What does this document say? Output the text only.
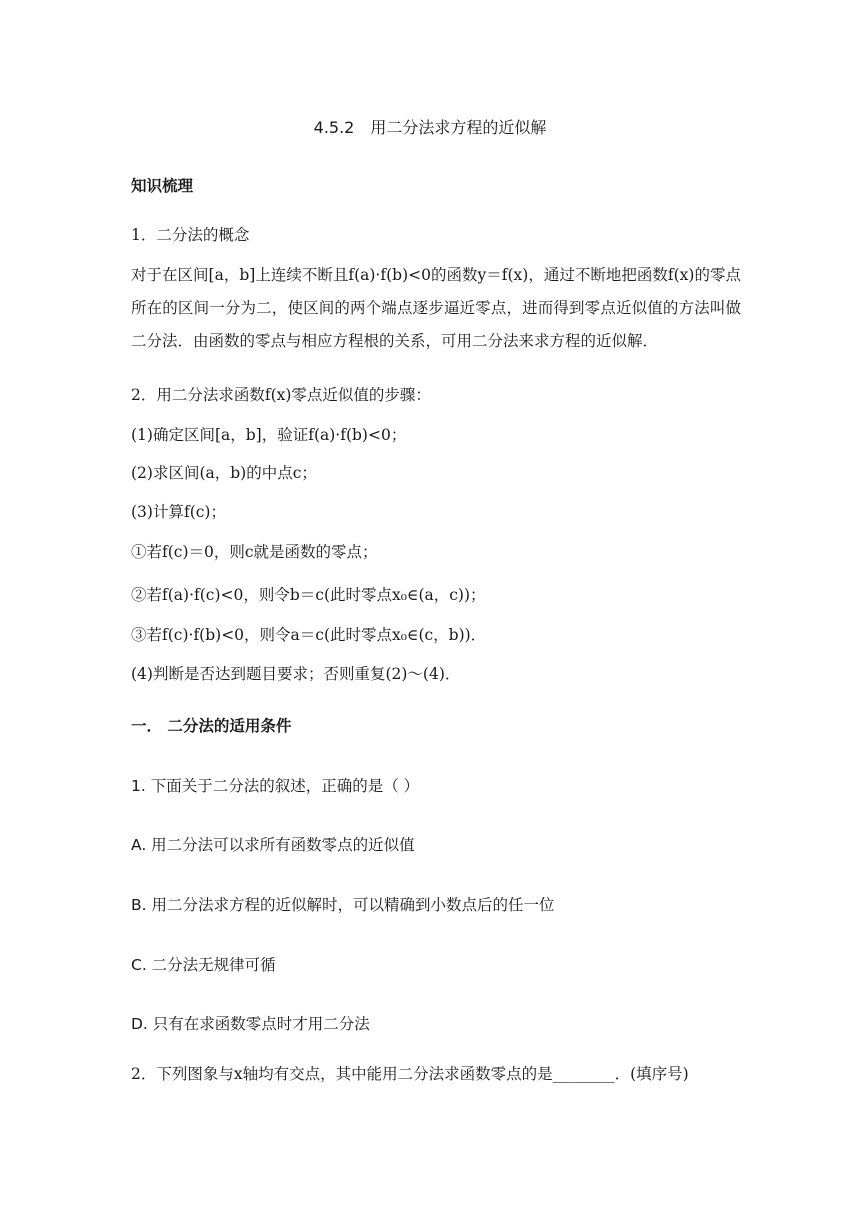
4.5.2　用二分法求方程的近似解
知识梳理
1．二分法的概念
对于在区间[a，b]上连续不断且f(a)·f(b)<0的函数y＝f(x)，通过不断地把函数f(x)的零点所在的区间一分为二，使区间的两个端点逐步逼近零点，进而得到零点近似值的方法叫做二分法．由函数的零点与相应方程根的关系，可用二分法来求方程的近似解．
2．用二分法求函数f(x)零点近似值的步骤：
(1)确定区间[a，b]，验证f(a)·f(b)<0；
(2)求区间(a，b)的中点c；
(3)计算f(c)；
①若f(c)＝0，则c就是函数的零点；
②若f(a)·f(c)<0，则令b＝c(此时零点x₀∈(a，c))；
③若f(c)·f(b)<0，则令a＝c(此时零点x₀∈(c，b))．
(4)判断是否达到题目要求；否则重复(2)～(4)．
一． 二分法的适用条件
1. 下面关于二分法的叙述，正确的是（ ）
A. 用二分法可以求所有函数零点的近似值
B. 用二分法求方程的近似解时，可以精确到小数点后的任一位
C. 二分法无规律可循
D. 只有在求函数零点时才用二分法
2．下列图象与x轴均有交点，其中能用二分法求函数零点的是________．(填序号)
